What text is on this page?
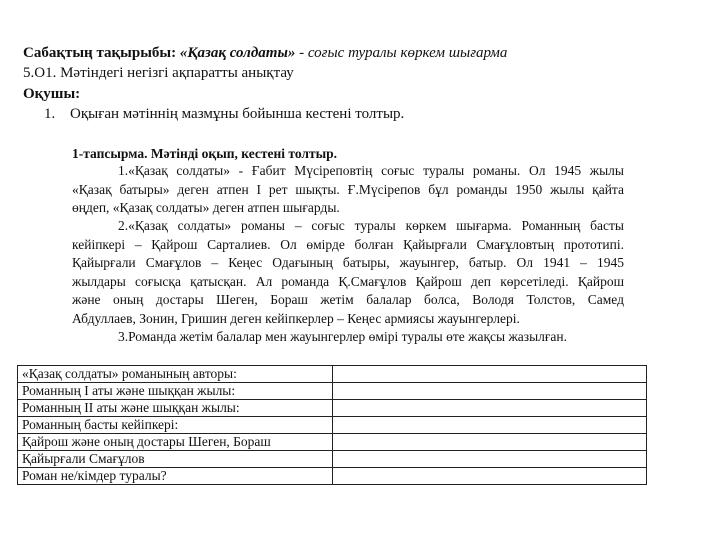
Сабақтың тақырыбы: «Қазақ солдаты» - соғыс туралы көркем шығарма
5.О1. Мәтіндегі негізгі ақпаратты анықтау
Оқушы:
1. Оқыған мәтіннің мазмұны бойынша кестені толтыр.
1-тапсырма. Мәтінді оқып, кестені толтыр.
1.«Қазақ солдаты» - Ғабит Мүсіреповтің соғыс туралы романы. Ол 1945 жылы
«Қазақ батыры» деген атпен І рет шықты. Ғ.Мүсірепов бұл романды 1950 жылы қайта
өңдеп, «Қазақ солдаты» деген атпен шығарды.
2.«Қазақ солдаты» романы – соғыс туралы көркем шығарма. Романның басты
кейіпкері – Қайрош Сарталиев. Ол өмірде болған Қайырғали Смағұловтың прототипі.
Қайырғали Смағұлов – Кеңес Одағының батыры, жауынгер, батыр. Ол 1941 – 1945
жылдары соғысқа қатысқан. Ал романда Қ.Смағұлов Қайрош деп көрсетіледі. Қайрош
және оның достары Шеген, Бораш жетім балалар болса, Володя Толстов, Самед
Абдуллаев, Зонин, Гришин деген кейіпкерлер – Кеңес армиясы жауынгерлері.
3.Романда жетім балалар мен жауынгерлер өмірі туралы өте жақсы жазылған.
«Қазақ солдаты» романының авторы:	
Романның І аты және шыққан жылы:	
Романның ІІ аты және шыққан жылы:	
Романның басты кейіпкері:	
Қайрош және оның достары Шеген, Бораш	
Қайырғали Смағұлов	
Роман не/кімдер туралы?	
